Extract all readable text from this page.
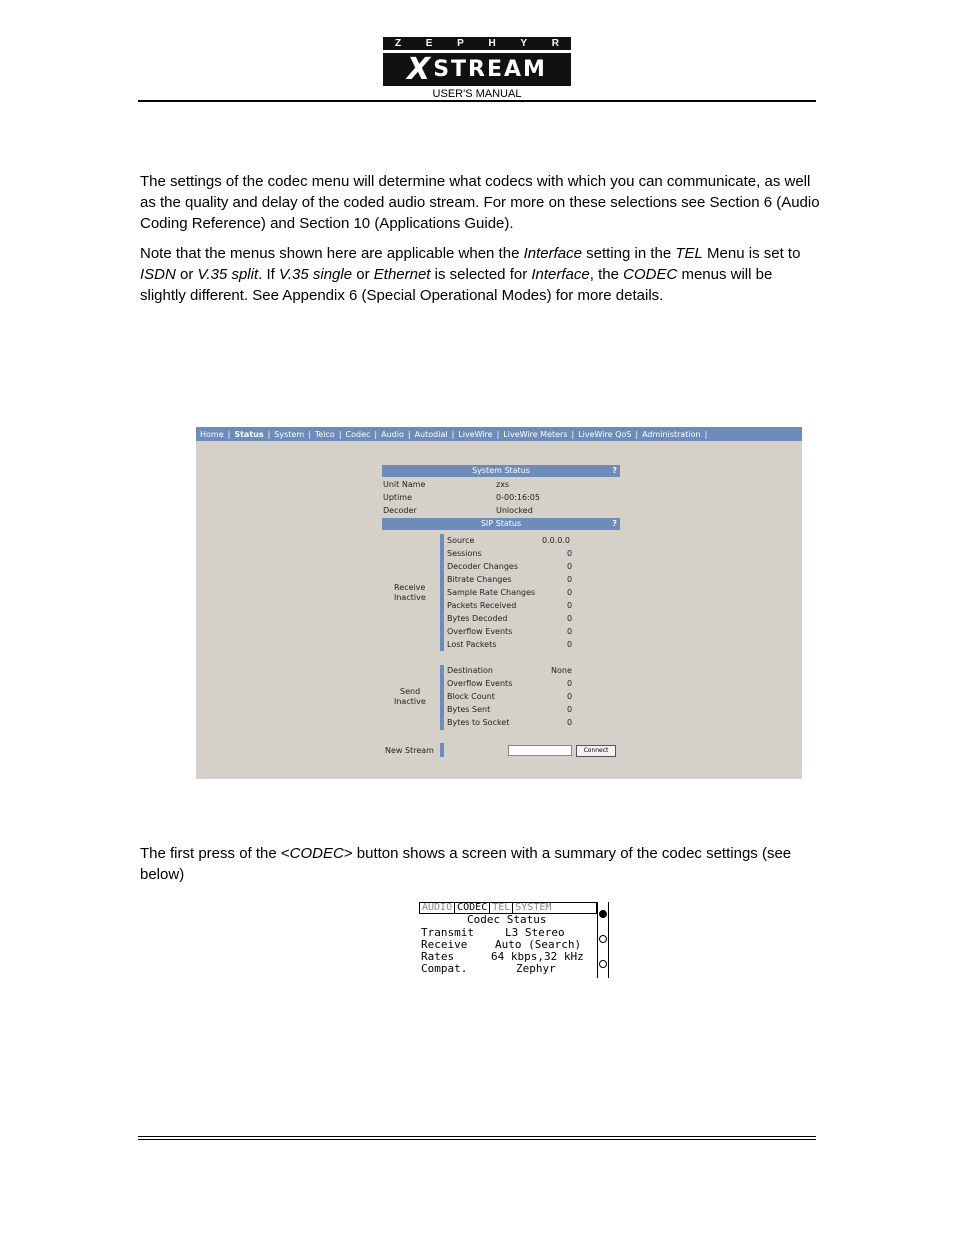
Z E P H Y R
X STREAM
USER'S MANUAL

The settings of the codec menu will determine what codecs with which you can communicate, as well as the quality and delay of the coded audio stream. For more on these selections see Section 6 (Audio Coding Reference) and Section 10 (Applications Guide).

Note that the menus shown here are applicable when the Interface setting in the TEL Menu is set to ISDN or V.35 split. If V.35 single or Ethernet is selected for Interface, the CODEC menus will be slightly different. See Appendix 6 (Special Operational Modes) for more details.

Home | Status | System | Telco | Codec | Audio | Autodial | LiveWire | LiveWire Meters | LiveWire QoS | Administration |
System Status	?
Unit Name	zxs
Uptime	0-00:16:05
Decoder	Unlocked
SIP Status	?
Receive
Inactive
Source	0.0.0.0
Sessions	0
Decoder Changes	0
Bitrate Changes	0
Sample Rate Changes	0
Packets Received	0
Bytes Decoded	0
Overflow Events	0
Lost Packets	0
Send
Inactive
Destination	None
Overflow Events	0
Block Count	0
Bytes Sent	0
Bytes to Socket	0
New Stream	Connect

The first press of the <CODEC> button shows a screen with a summary of the codec settings (see below)

AUDIO CODEC TEL SYSTEM
Codec Status
Transmit	L3 Stereo
Receive	Auto (Search)
Rates	64 kbps,32 kHz
Compat.	Zephyr
